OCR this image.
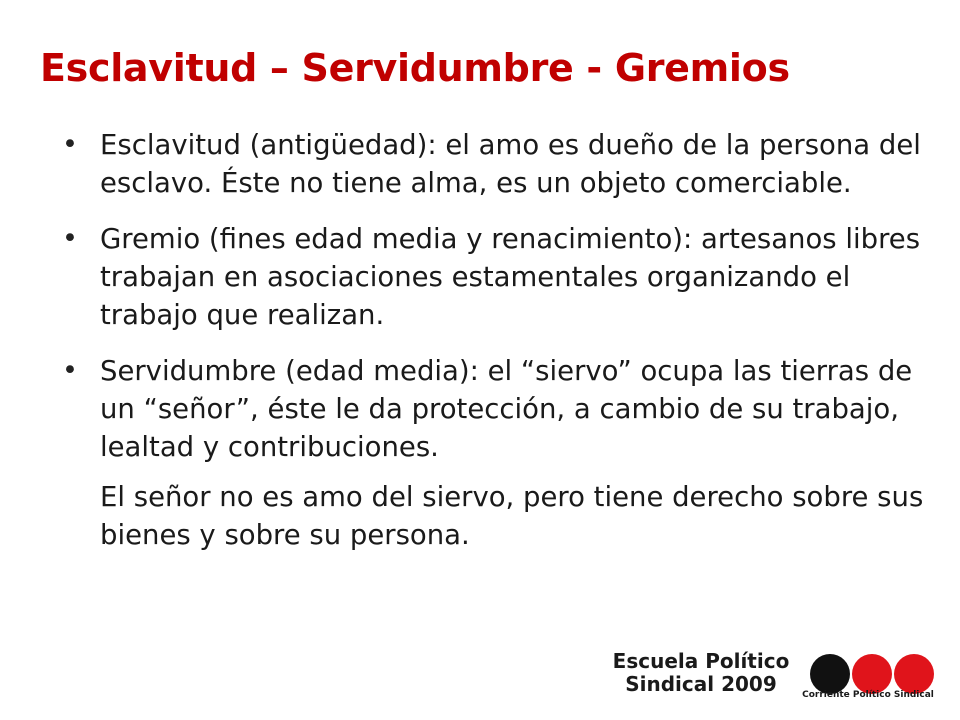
Esclavitud – Servidumbre - Gremios
• Esclavitud (antigüedad): el amo es dueño de la persona del esclavo. Éste no tiene alma, es un objeto comerciable.
• Gremio (fines edad media y renacimiento): artesanos libres trabajan en asociaciones estamentales organizando el trabajo que realizan.
• Servidumbre (edad media): el “siervo” ocupa las tierras de un “señor”, éste le da protección, a cambio de su trabajo, lealtad y contribuciones.
El señor no es amo del siervo, pero tiene derecho sobre sus bienes y sobre su persona.
Escuela Político
Sindical 2009	Corriente Político Sindical
